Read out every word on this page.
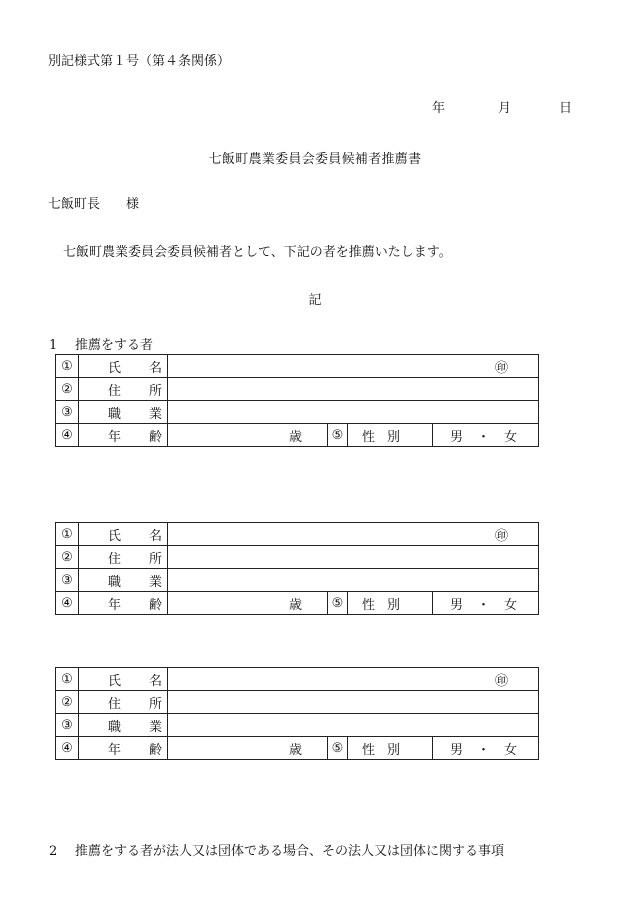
別記様式第１号（第４条関係）
年	月	日
七飯町農業委員会委員候補者推薦書
七飯町長 様
七飯町農業委員会委員候補者として、下記の者を推薦いたします。
記
1 推薦をする者
①	氏 名	㊞			
②	住 所				
③	職 業				
④	年 齢	歳	⑤	性 別	男 ・ 女
①	氏 名	㊞			
②	住 所				
③	職 業				
④	年 齢	歳	⑤	性 別	男 ・ 女
①	氏 名	㊞			
②	住 所				
③	職 業				
④	年 齢	歳	⑤	性 別	男 ・ 女
2 推薦をする者が法人又は団体である場合、その法人又は団体に関する事項
